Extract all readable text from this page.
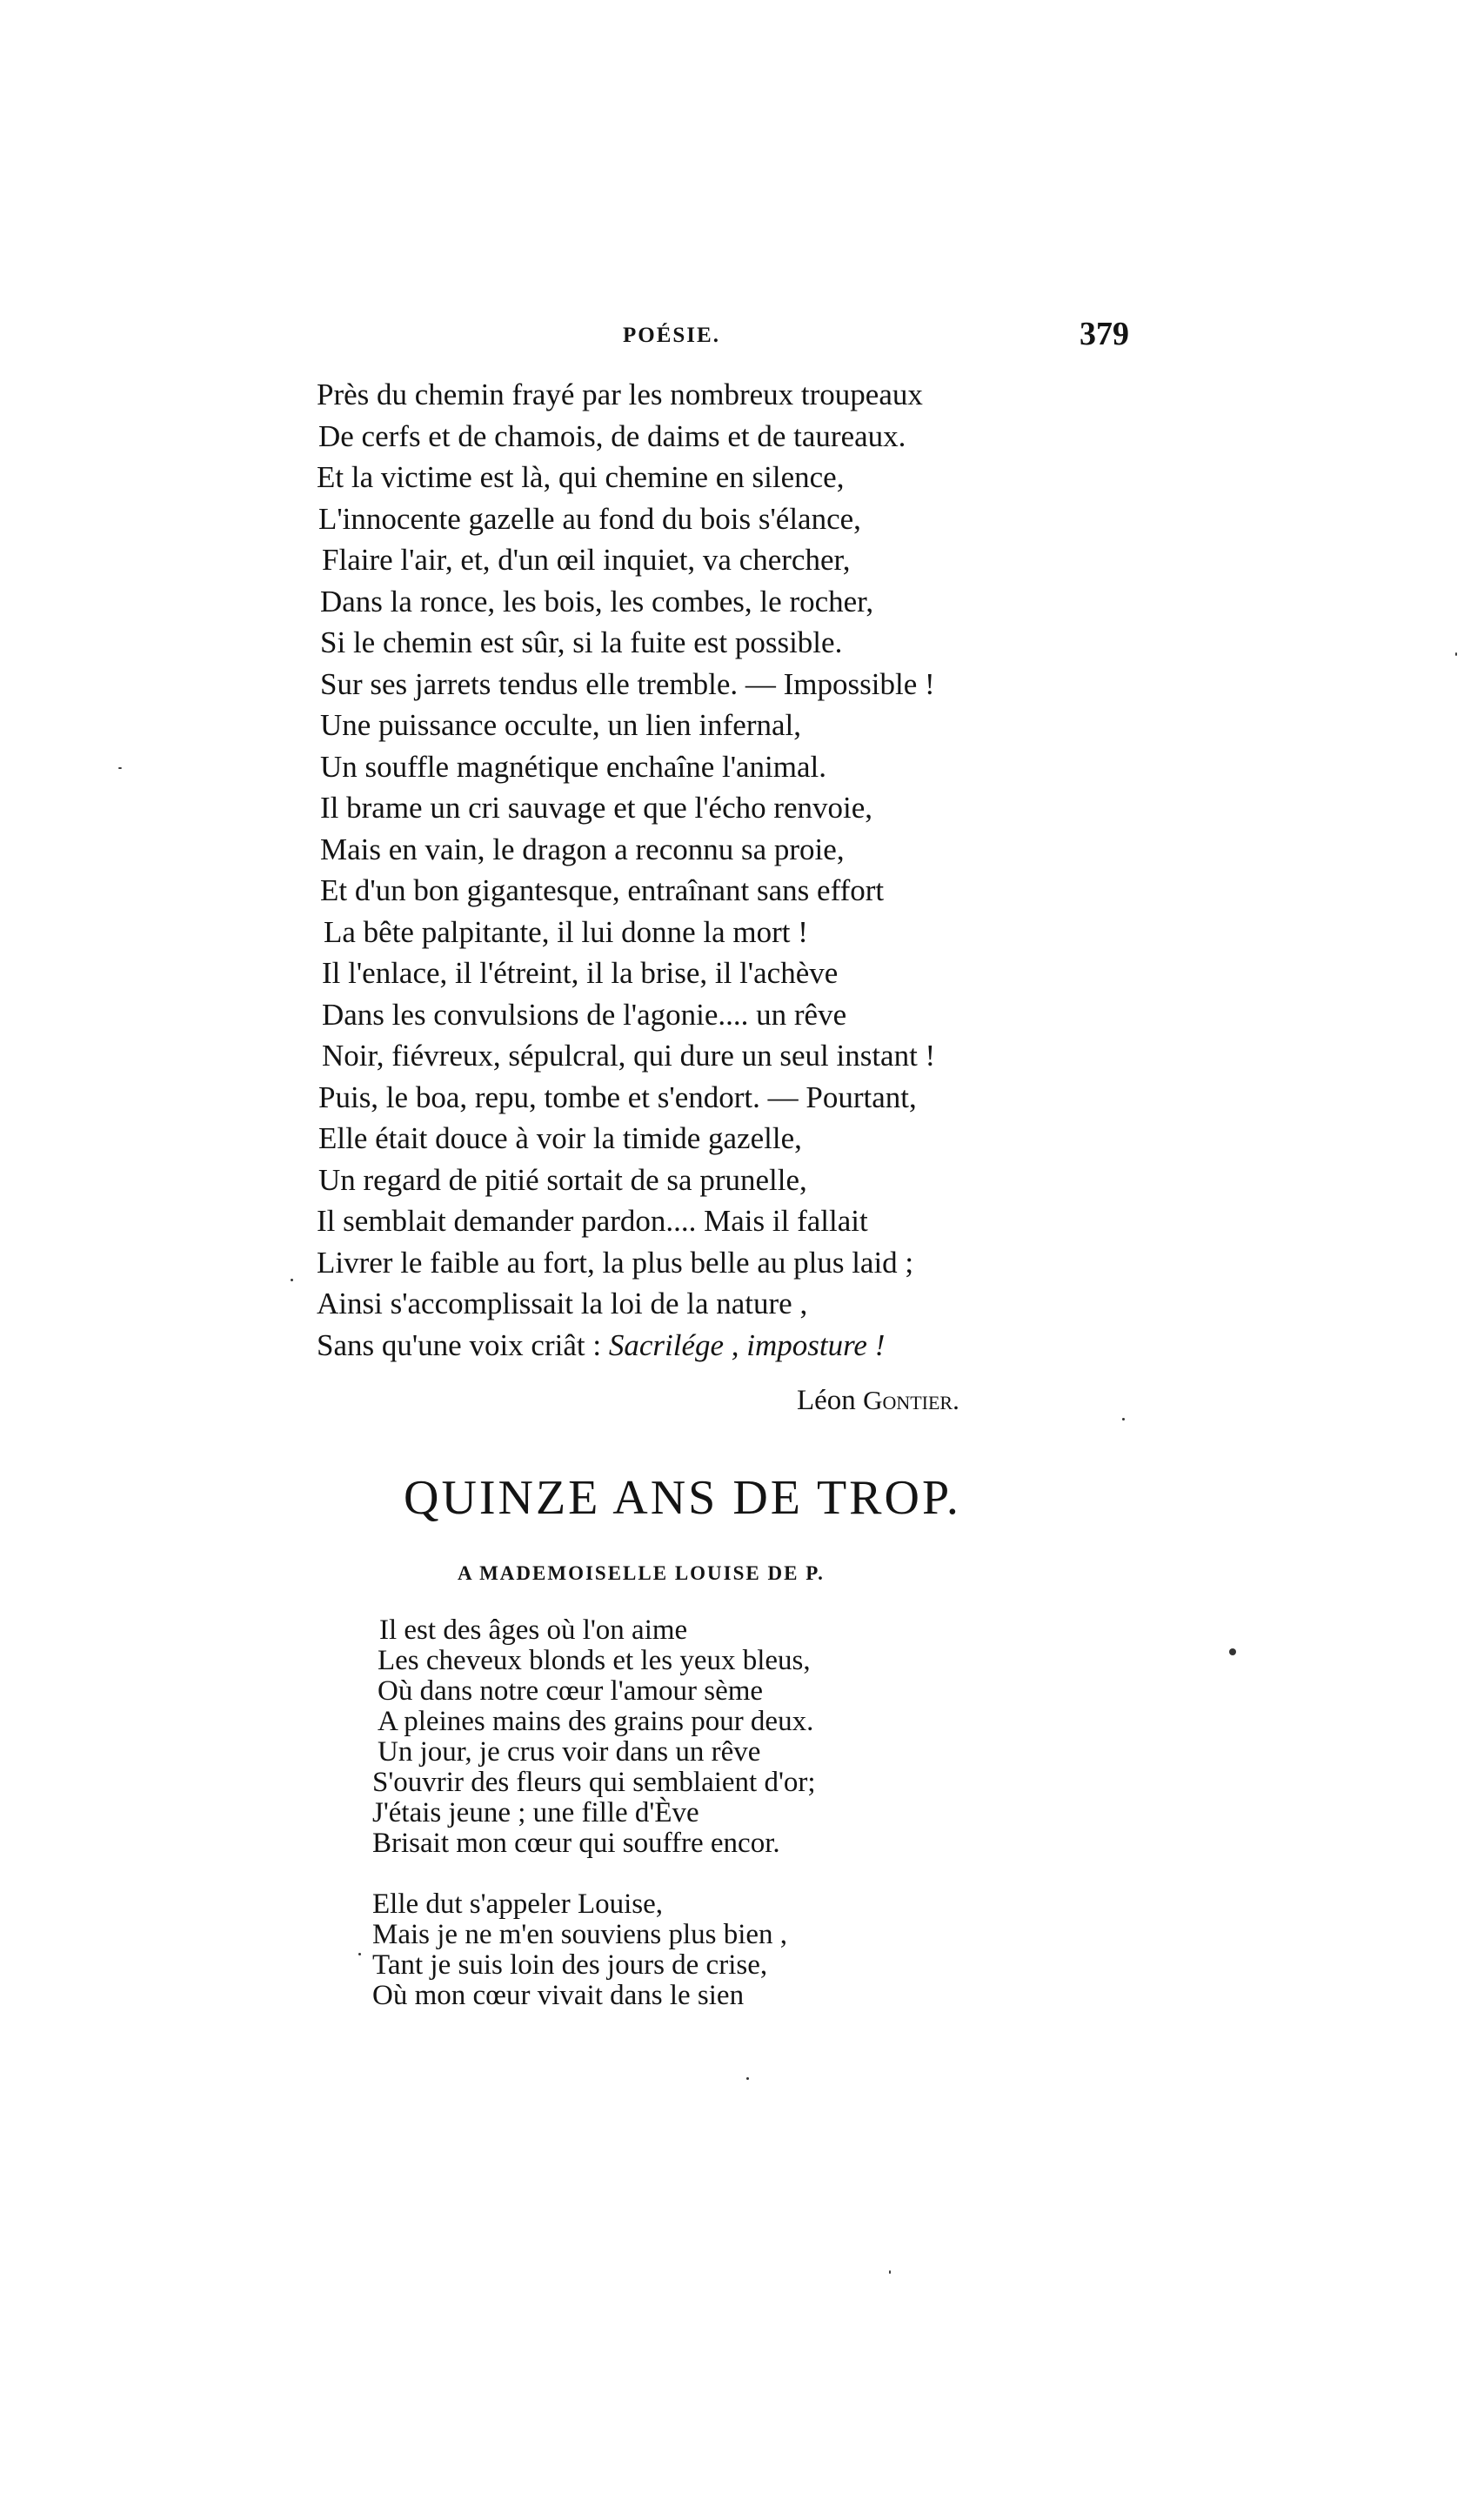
POÉSIE.	379
Près du chemin frayé par les nombreux troupeaux
De cerfs et de chamois, de daims et de taureaux.
Et la victime est là, qui chemine en silence,
L'innocente gazelle au fond du bois s'élance,
Flaire l'air, et, d'un œil inquiet, va chercher,
Dans la ronce, les bois, les combes, le rocher,
Si le chemin est sûr, si la fuite est possible.
Sur ses jarrets tendus elle tremble. — Impossible !
Une puissance occulte, un lien infernal,
Un souffle magnétique enchaîne l'animal.
Il brame un cri sauvage et que l'écho renvoie,
Mais en vain, le dragon a reconnu sa proie,
Et d'un bon gigantesque, entraînant sans effort
La bête palpitante, il lui donne la mort !
Il l'enlace, il l'étreint, il la brise, il l'achève
Dans les convulsions de l'agonie.... un rêve
Noir, fiévreux, sépulcral, qui dure un seul instant !
Puis, le boa, repu, tombe et s'endort. — Pourtant,
Elle était douce à voir la timide gazelle,
Un regard de pitié sortait de sa prunelle,
Il semblait demander pardon.... Mais il fallait
Livrer le faible au fort, la plus belle au plus laid ;
Ainsi s'accomplissait la loi de la nature ,
Sans qu'une voix criât : Sacrilége , imposture !
Léon Gontier.
QUINZE ANS DE TROP.
A MADEMOISELLE LOUISE DE P.
Il est des âges où l'on aime
Les cheveux blonds et les yeux bleus,
Où dans notre cœur l'amour sème
A pleines mains des grains pour deux.
Un jour, je crus voir dans un rêve
S'ouvrir des fleurs qui semblaient d'or;
J'étais jeune ; une fille d'Ève
Brisait mon cœur qui souffre encor.
Elle dut s'appeler Louise,
Mais je ne m'en souviens plus bien ,
Tant je suis loin des jours de crise,
Où mon cœur vivait dans le sien
